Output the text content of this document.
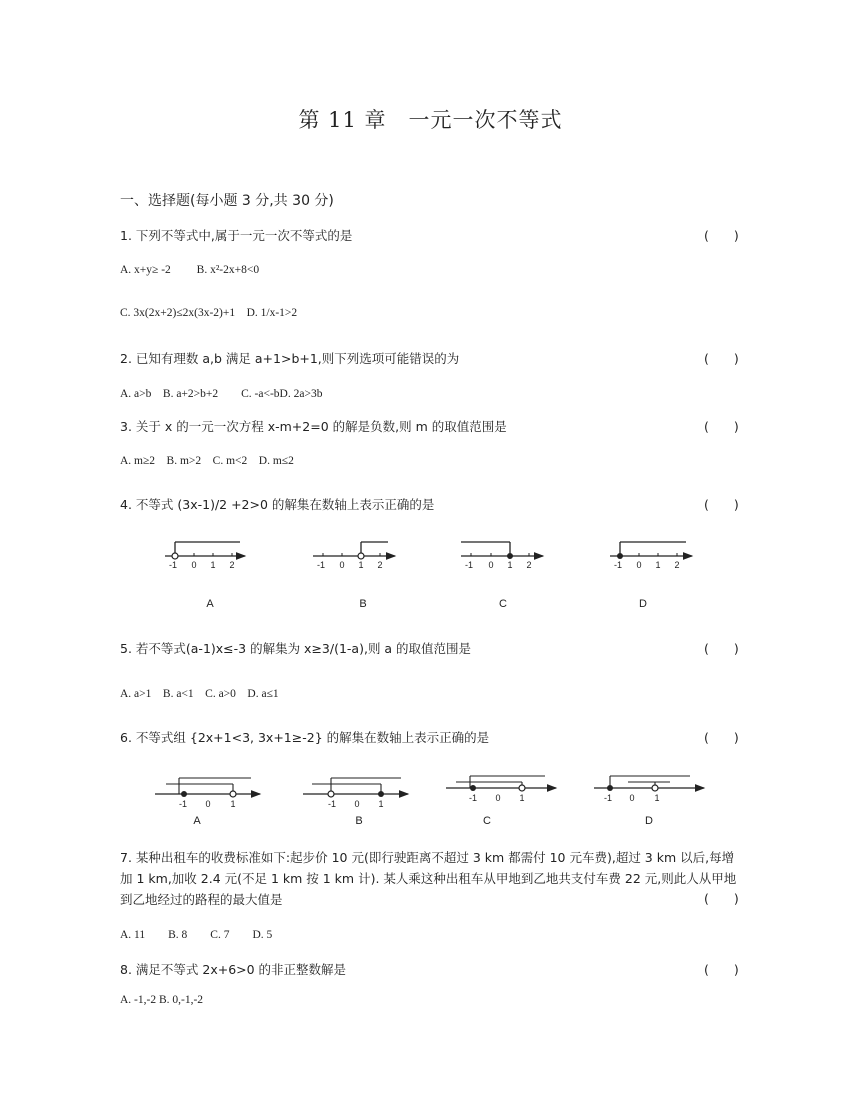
第 11 章　一元一次不等式
一、选择题(每小题 3 分,共 30 分)
1. 下列不等式中,属于一元一次不等式的是	(　　)
A. x+y≥ -2　　 B. x²-2x+8<0
C. 3x(2x+2)≤2x(3x-2)+1　D. 1/x-1>2
2. 已知有理数 a,b 满足 a+1>b+1,则下列选项可能错误的为	(　　)
A. a>b　B. a+2>b+2　　C. -a<-bD. 2a>3b
3. 关于 x 的一元一次方程 x-m+2=0 的解是负数,则 m 的取值范围是	(　　)
A. m≥2　B. m>2　C. m<2　D. m≤2
4. 不等式 (3x-1)/2 +2>0 的解集在数轴上表示正确的是	(　　)
-1 0 1 2	-1 0 1 2	-1 0 1 2	-1 0 1 2
A	B	C	D
5. 若不等式(a-1)x≤-3 的解集为 x≥3/(1-a),则 a 的取值范围是	(　　)
A. a>1　B. a<1　C. a>0　D. a≤1
6. 不等式组 {2x+1<3, 3x+1≥-2} 的解集在数轴上表示正确的是	(　　)
-1 0 1	-1 0 1
-1 0 1	-1 0 1
A	B	C	D
7. 某种出租车的收费标准如下:起步价 10 元(即行驶距离不超过 3 km 都需付 10 元车费),超过 3 km 以后,每增加 1 km,加收 2.4 元(不足 1 km 按 1 km 计). 某人乘这种出租车从甲地到乙地共支付车费 22 元,则此人从甲地到乙地经过的路程的最大值是	(　　)
A. 11　　B. 8　　C. 7　　D. 5
8. 满足不等式 2x+6>0 的非正整数解是	(　　)
A. -1,-2 B. 0,-1,-2
